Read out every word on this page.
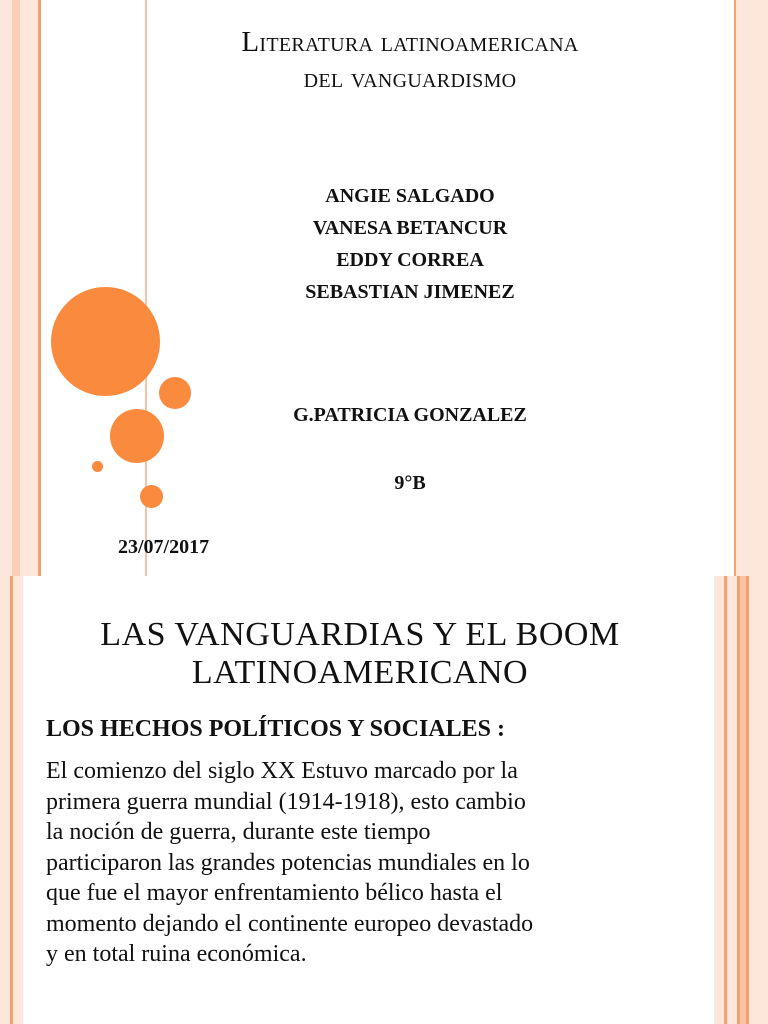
Literatura latinoamericana
del vanguardismo
ANGIE SALGADO
VANESA BETANCUR
EDDY CORREA
SEBASTIAN JIMENEZ
G.PATRICIA GONZALEZ
9°B
23/07/2017
LAS VANGUARDIAS Y EL BOOM
LATINOAMERICANO
LOS HECHOS POLÍTICOS Y SOCIALES :
El comienzo del siglo XX Estuvo marcado por la
primera guerra mundial (1914-1918), esto cambio
la noción de guerra, durante este tiempo
participaron las grandes potencias mundiales en lo
que fue el mayor enfrentamiento bélico hasta el
momento dejando el continente europeo devastado
y en total ruina económica.
